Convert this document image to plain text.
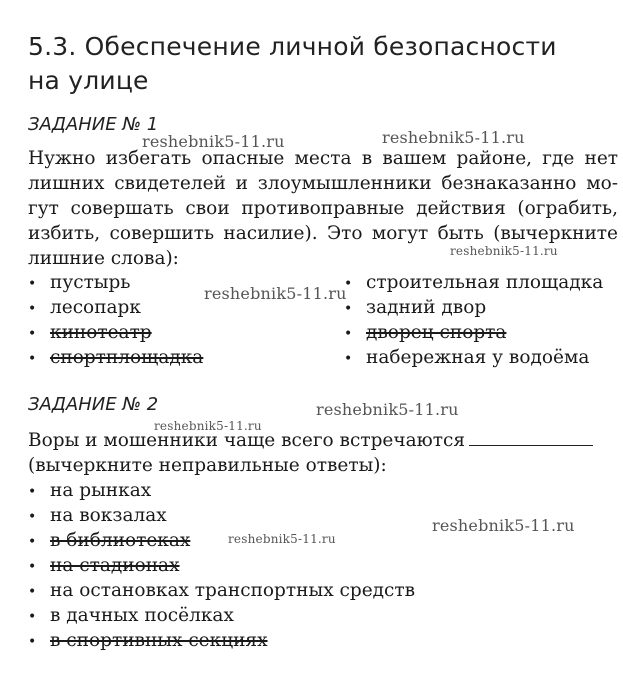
5.3. Обеспечение личной безопасности
на улице
ЗАДАНИЕ № 1
Нужно избегать опасные места в вашем районе, где нет
лишних свидетелей и злоумышленники безнаказанно мо-
гут совершать свои противоправные действия (ограбить,
избить, совершить насилие). Это могут быть (вычеркните
лишние слова):
• пустырь
• лесопарк
• кинотеатр
• спортплощадка
• строительная площадка
• задний двор
• дворец спорта
• набережная у водоёма
ЗАДАНИЕ № 2
Воры и мошенники чаще всего встречаются
(вычеркните неправильные ответы):
• на рынках
• на вокзалах
• в библиотеках
• на стадионах
• на остановках транспортных средств
• в дачных посёлках
• в спортивных секциях
reshebnik5-11.ru	reshebnik5-11.ru
reshebnik5-11.ru
reshebnik5-11.ru
reshebnik5-11.ru
reshebnik5-11.ru
reshebnik5-11.ru
reshebnik5-11.ru
